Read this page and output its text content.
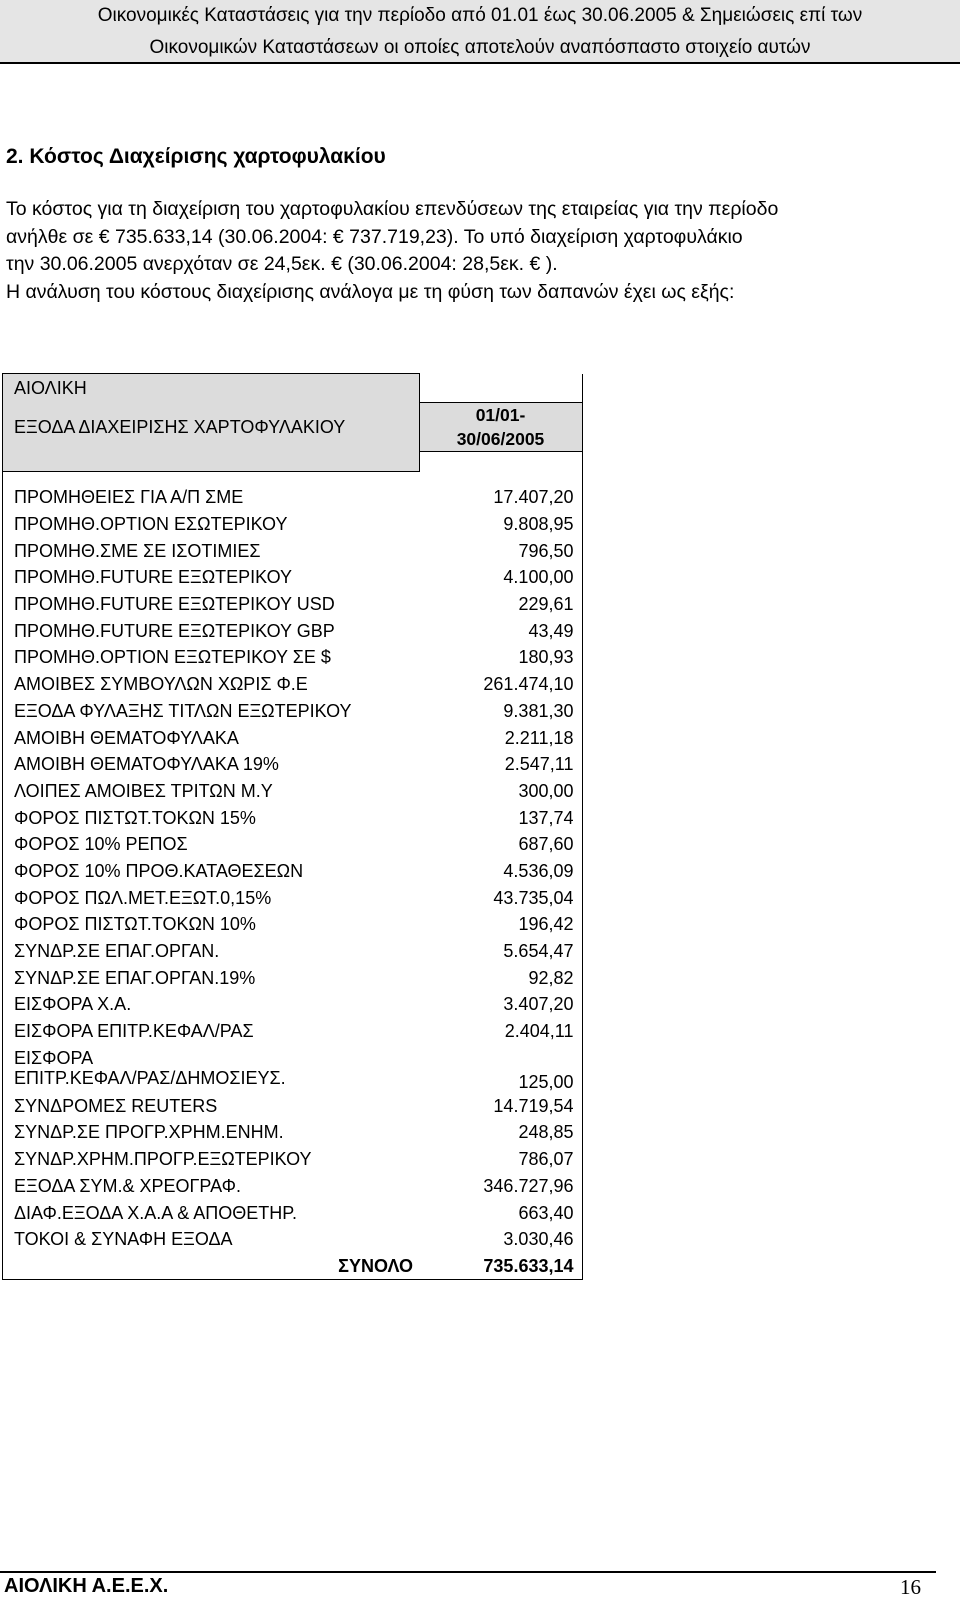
Οικονομικές Καταστάσεις για την περίοδο από 01.01 έως 30.06.2005 & Σημειώσεις επί των
Οικονομικών Καταστάσεων οι οποίες αποτελούν αναπόσπαστο στοιχείο αυτών
2. Κόστος Διαχείρισης χαρτοφυλακίου
Το κόστος για τη διαχείριση του χαρτοφυλακίου επενδύσεων της εταιρείας για την περίοδο
ανήλθε σε € 735.633,14 (30.06.2004: € 737.719,23). Το υπό διαχείριση χαρτοφυλάκιο
την 30.06.2005 ανερχόταν σε 24,5εκ. € (30.06.2004: 28,5εκ. € ).
Η ανάλυση του κόστους διαχείρισης ανάλογα με τη φύση των δαπανών έχει ως εξής:
ΑΙΟΛΙΚΗ	
ΕΞΟΔΑ ΔΙΑΧΕΙΡΙΣΗΣ ΧΑΡΤΟΦΥΛΑΚΙΟΥ	01/01-
30/06/2005

ΠΡΟΜΗΘΕΙΕΣ ΓΙΑ Α/Π ΣΜΕ	17.407,20
ΠΡΟΜΗΘ.ΟΡΤΙΟΝ ΕΣΩΤΕΡΙΚΟΥ	9.808,95
ΠΡΟΜΗΘ.ΣΜΕ ΣΕ ΙΣΟΤΙΜΙΕΣ	796,50
ΠΡΟΜΗΘ.FUTURE ΕΞΩΤΕΡΙΚΟΥ	4.100,00
ΠΡΟΜΗΘ.FUTURE ΕΞΩΤΕΡΙΚΟΥ USD	229,61
ΠΡΟΜΗΘ.FUTURE ΕΞΩΤΕΡΙΚΟΥ GBP	43,49
ΠΡΟΜΗΘ.ΟΡΤΙΟΝ ΕΞΩΤΕΡΙΚΟΥ ΣΕ $	180,93
ΑΜΟΙΒΕΣ ΣΥΜΒΟΥΛΩΝ ΧΩΡΙΣ Φ.Ε	261.474,10
ΕΞΟΔΑ ΦΥΛΑΞΗΣ ΤΙΤΛΩΝ ΕΞΩΤΕΡΙΚΟΥ	9.381,30
ΑΜΟΙΒΗ ΘΕΜΑΤΟΦΥΛΑΚΑ	2.211,18
ΑΜΟΙΒΗ ΘΕΜΑΤΟΦΥΛΑΚΑ 19%	2.547,11
ΛΟΙΠΕΣ ΑΜΟΙΒΕΣ ΤΡΙΤΩΝ Μ.Υ	300,00
ΦΟΡΟΣ ΠΙΣΤΩΤ.ΤΟΚΩΝ 15%	137,74
ΦΟΡΟΣ 10% ΡΕΠΟΣ	687,60
ΦΟΡΟΣ 10% ΠΡΟΘ.ΚΑΤΑΘΕΣΕΩΝ	4.536,09
ΦΟΡΟΣ ΠΩΛ.ΜΕΤ.ΕΞΩΤ.0,15%	43.735,04
ΦΟΡΟΣ ΠΙΣΤΩΤ.ΤΟΚΩΝ 10%	196,42
ΣΥΝΔΡ.ΣΕ ΕΠΑΓ.ΟΡΓΑΝ.	5.654,47
ΣΥΝΔΡ.ΣΕ ΕΠΑΓ.ΟΡΓΑΝ.19%	92,82
ΕΙΣΦΟΡΑ Χ.Α.	3.407,20
ΕΙΣΦΟΡΑ ΕΠΙΤΡ.ΚΕΦΑΛ/ΡΑΣ	2.404,11
ΕΙΣΦΟΡΑ
ΕΠΙΤΡ.ΚΕΦΑΛ/ΡΑΣ/ΔΗΜΟΣΙΕΥΣ.	125,00
ΣΥΝΔΡΟΜΕΣ REUTERS	14.719,54
ΣΥΝΔΡ.ΣΕ ΠΡΟΓΡ.ΧΡΗΜ.ΕΝΗΜ.	248,85
ΣΥΝΔΡ.ΧΡΗΜ.ΠΡΟΓΡ.ΕΞΩΤΕΡΙΚΟΥ	786,07
ΕΞΟΔΑ ΣΥΜ.& ΧΡΕΟΓΡΑΦ.	346.727,96
ΔΙΑΦ.ΕΞΟΔΑ Χ.Α.Α & ΑΠΟΘΕΤΗΡ.	663,40
ΤΟΚΟΙ & ΣΥΝΑΦΗ ΕΞΟΔΑ	3.030,46
ΣΥΝΟΛΟ	735.633,14
ΑΙΟΛΙΚΗ Α.Ε.Ε.Χ.	16
